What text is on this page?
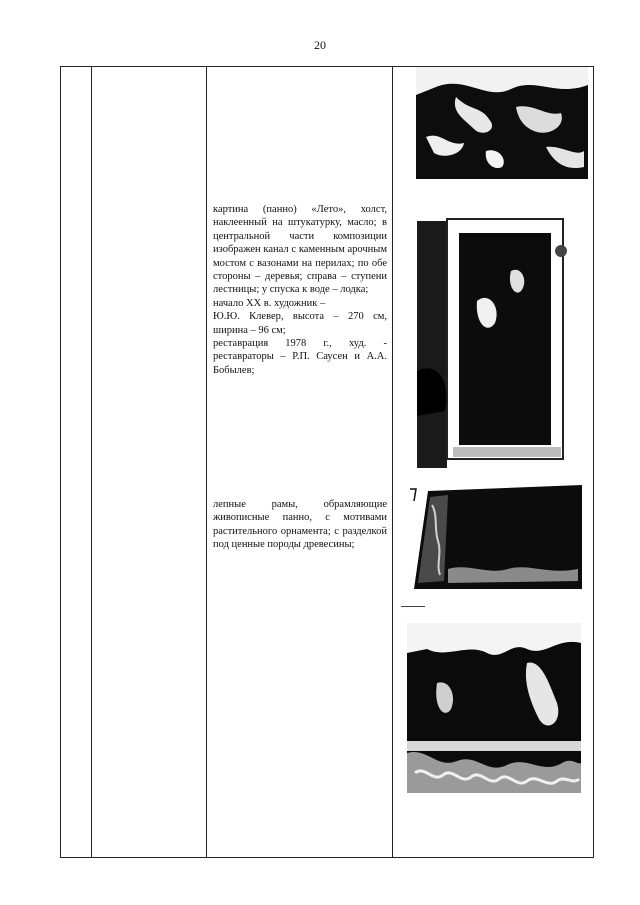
20

картина (панно) «Лето», холст, наклеенный на штукатурку, масло; в центральной части композиции изображен канал с каменным арочным мостом с вазонами на перилах; по обе стороны – деревья; справа – ступени лестницы; у спуска к воде – лодка;

начало XX в. художник –

Ю.Ю. Клевер, высота – 270 см, ширина – 96 см;

реставрация 1978 г., худ. - реставраторы – Р.П. Саусен и А.А. Бобылев;

лепные рамы, обрамляющие живописные панно, с мотивами растительного орнамента; с разделкой под ценные породы древесины;
